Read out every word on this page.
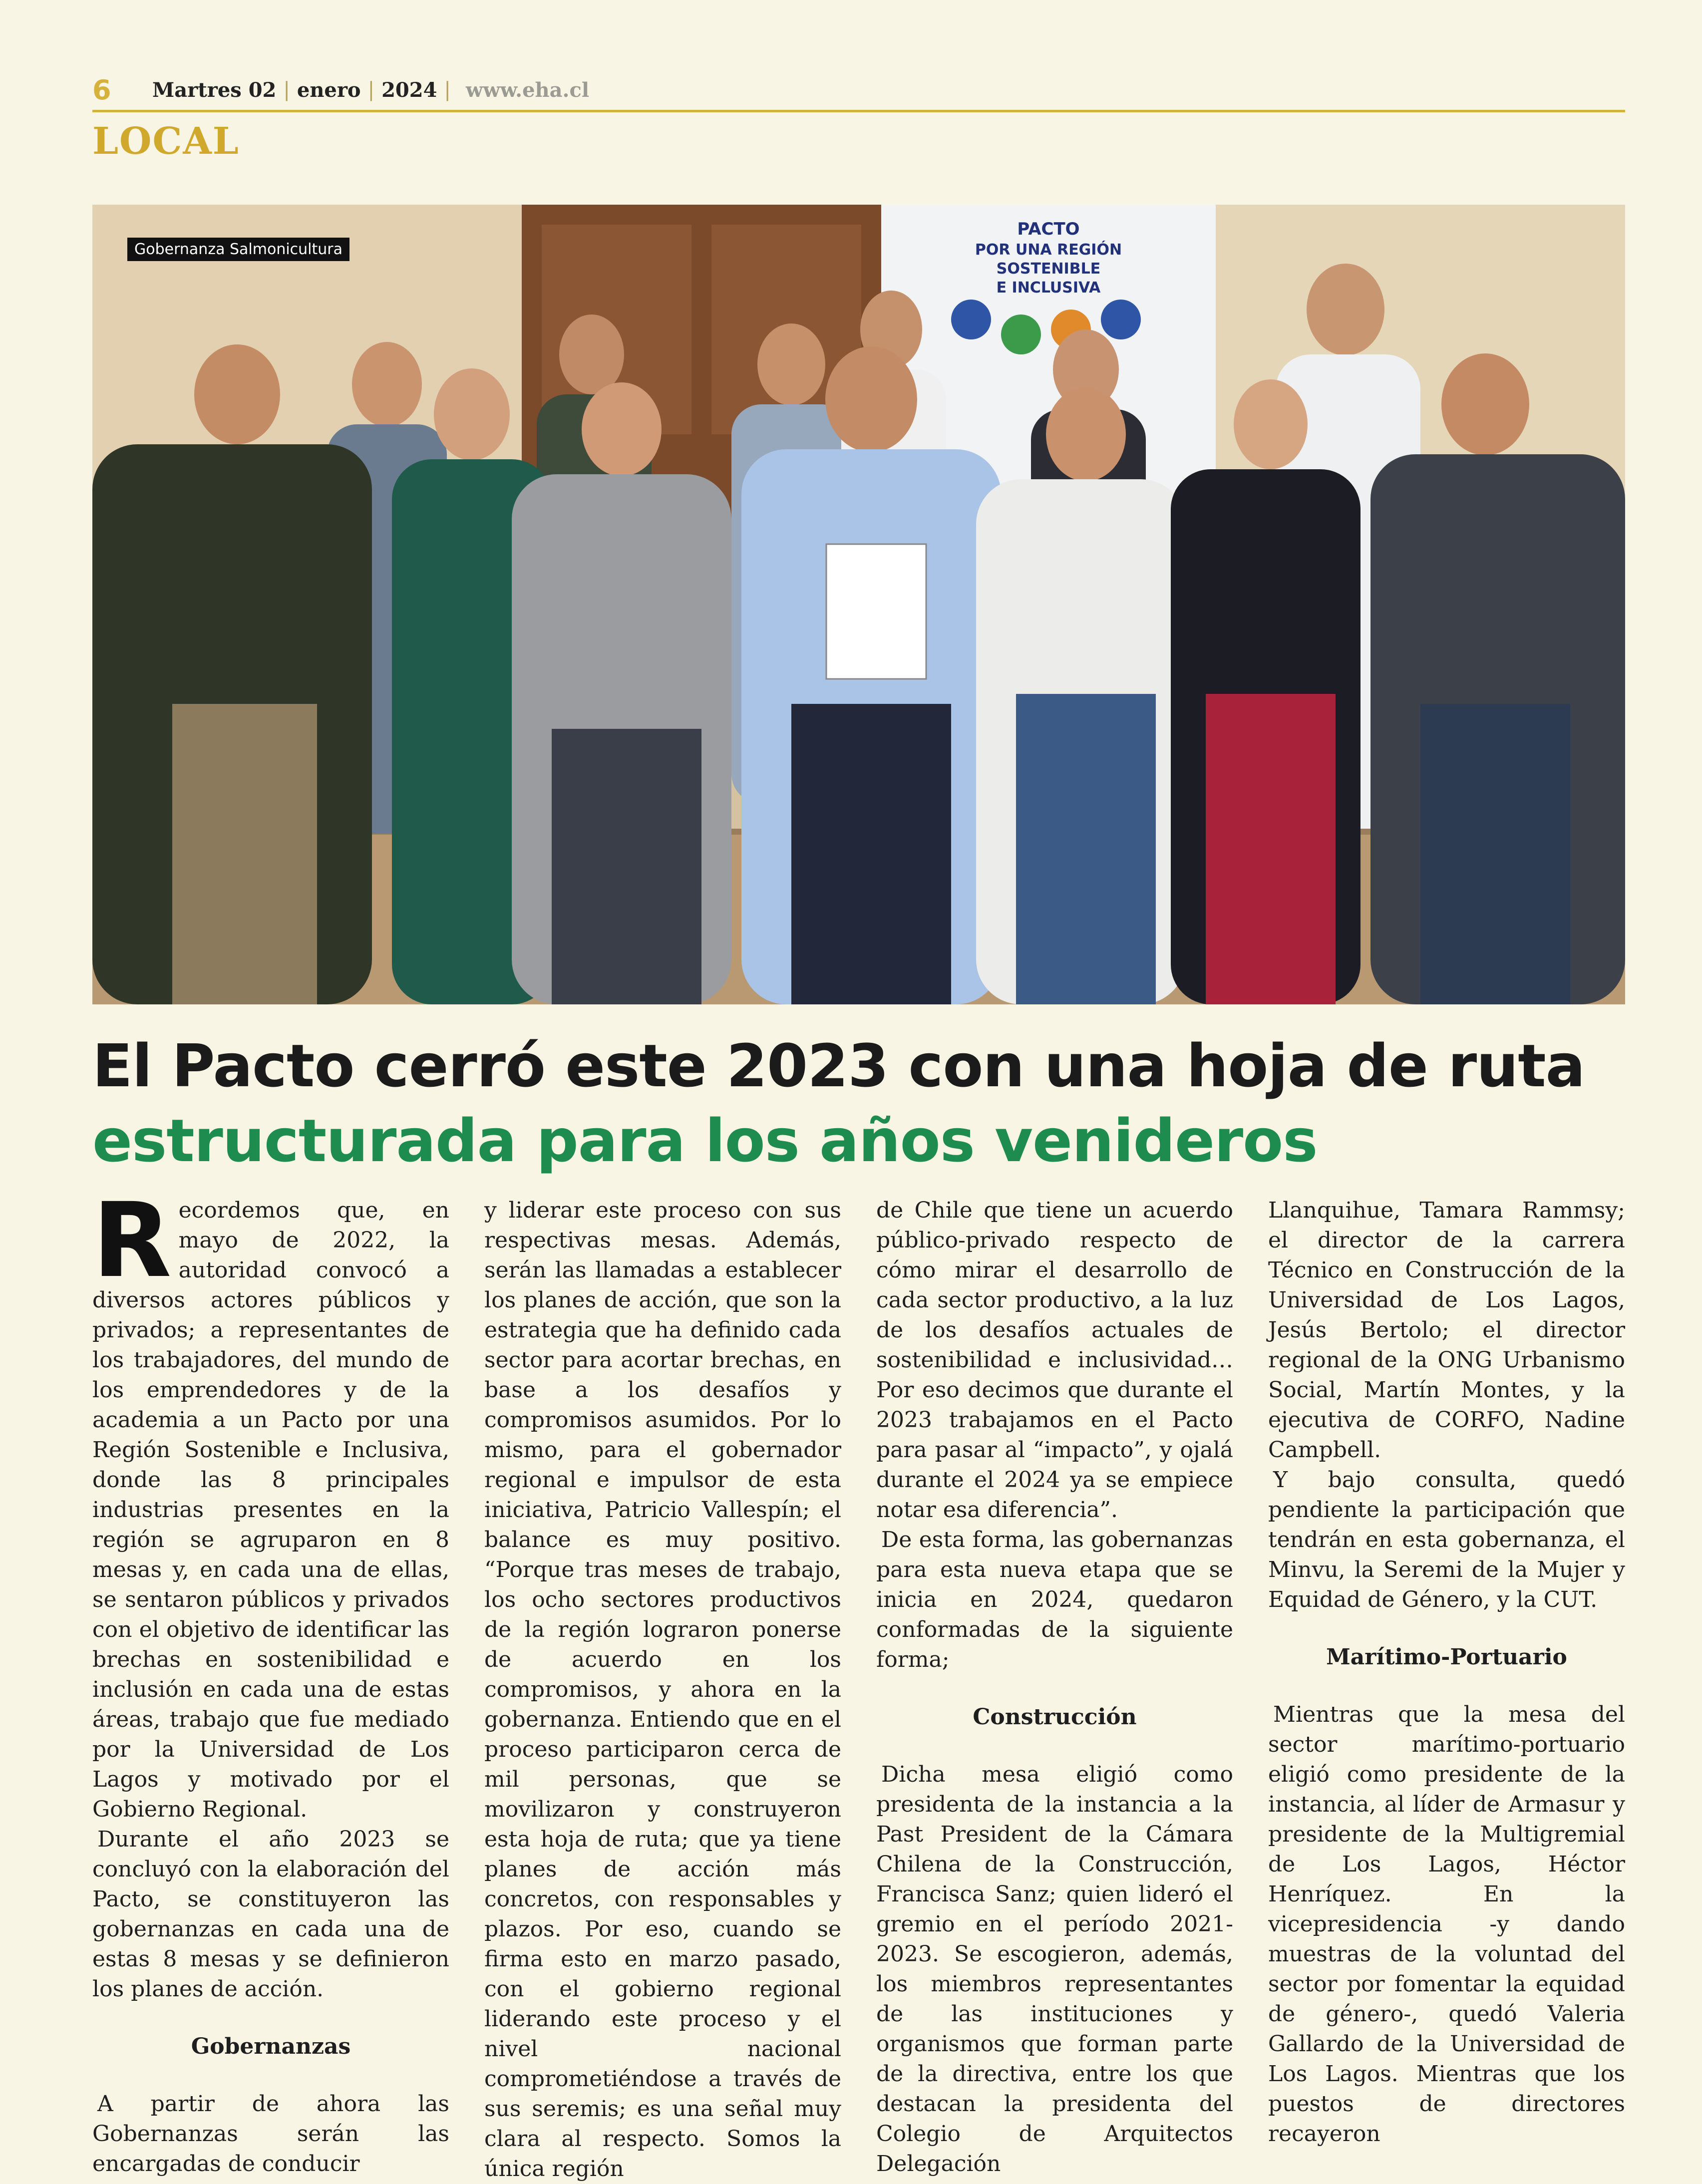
6	Martres 02 | enero | 2024 | www.eha.cl
LOCAL
PACTO
POR UNA REGIÓN
SOSTENIBLE
E INCLUSIVA
Gobernanza Salmonicultura
El Pacto cerró este 2023 con una hoja de ruta
estructurada para los años venideros

Recordemos que, en mayo de 2022, la autoridad convocó a diversos actores públicos y privados; a representantes de los trabajadores, del mundo de los emprendedores y de la academia a un Pacto por una Región Sostenible e Inclusiva, donde las 8 principales industrias presentes en la región se agruparon en 8 mesas y, en cada una de ellas, se sentaron públicos y privados con el objetivo de identificar las brechas en sostenibilidad e inclusión en cada una de estas áreas, trabajo que fue mediado por la Universidad de Los Lagos y motivado por el Gobierno Regional.

Durante el año 2023 se concluyó con la elaboración del Pacto, se constituyeron las gobernanzas en cada una de estas 8 mesas y se definieron los planes de acción.

Gobernanzas

A partir de ahora las Gobernanzas serán las encargadas de conducir

y liderar este proceso con sus respectivas mesas. Además, serán las llamadas a establecer los planes de acción, que son la estrategia que ha definido cada sector para acortar brechas, en base a los desafíos y compromisos asumidos. Por lo mismo, para el gobernador regional e impulsor de esta iniciativa, Patricio Vallespín; el balance es muy positivo. “Porque tras meses de trabajo, los ocho sectores productivos de la región lograron ponerse de acuerdo en los compromisos, y ahora en la gobernanza. Entiendo que en el proceso participaron cerca de mil personas, que se movilizaron y construyeron esta hoja de ruta; que ya tiene planes de acción más concretos, con responsables y plazos. Por eso, cuando se firma esto en marzo pasado, con el gobierno regional liderando este proceso y el nivel nacional comprometiéndose a través de sus seremis; es una señal muy clara al respecto. Somos la única región

de Chile que tiene un acuerdo público-privado respecto de cómo mirar el desarrollo de cada sector productivo, a la luz de los desafíos actuales de sostenibilidad e inclusividad… Por eso decimos que durante el 2023 trabajamos en el Pacto para pasar al “impacto”, y ojalá durante el 2024 ya se empiece notar esa diferencia”.

De esta forma, las gobernanzas para esta nueva etapa que se inicia en 2024, quedaron conformadas de la siguiente forma;

Construcción

Dicha mesa eligió como presidenta de la instancia a la Past President de la Cámara Chilena de la Construcción, Francisca Sanz; quien lideró el gremio en el período 2021-2023. Se escogieron, además, los miembros representantes de las instituciones y organismos que forman parte de la directiva, entre los que destacan la presidenta del Colegio de Arquitectos Delegación

Llanquihue, Tamara Rammsy; el director de la carrera Técnico en Construcción de la Universidad de Los Lagos, Jesús Bertolo; el director regional de la ONG Urbanismo Social, Martín Montes, y la ejecutiva de CORFO, Nadine Campbell.

Y bajo consulta, quedó pendiente la participación que tendrán en esta gobernanza, el Minvu, la Seremi de la Mujer y Equidad de Género, y la CUT.

Marítimo-Portuario

Mientras que la mesa del sector marítimo-portuario eligió como presidente de la instancia, al líder de Armasur y presidente de la Multigremial de Los Lagos, Héctor Henríquez. En la vicepresidencia -y dando muestras de la voluntad del sector por fomentar la equidad de género-, quedó Valeria Gallardo de la Universidad de Los Lagos. Mientras que los puestos de directores recayeron
